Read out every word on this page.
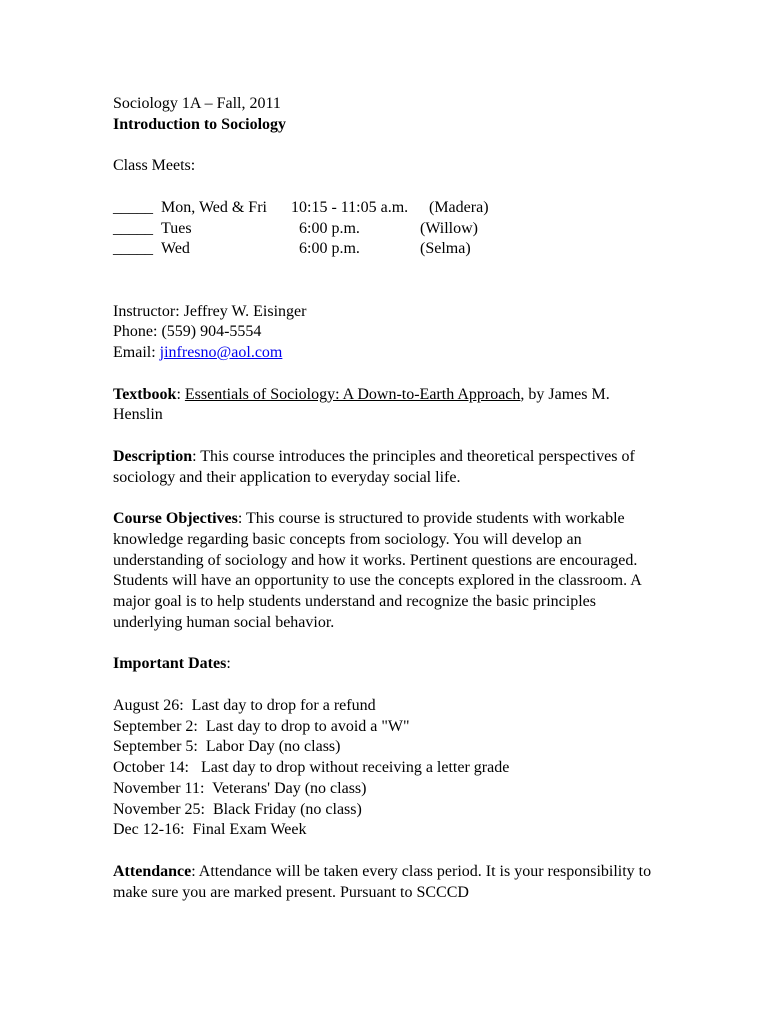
Sociology 1A – Fall, 2011
Introduction to Sociology
Class Meets:
_____ Mon, Wed & Fri	10:15 - 11:05 a.m.	(Madera)
_____ Tues	6:00 p.m.	(Willow)
_____ Wed	6:00 p.m.	(Selma)
Instructor: Jeffrey W. Eisinger
Phone: (559) 904-5554
Email: jinfresno@aol.com
Textbook: Essentials of Sociology: A Down-to-Earth Approach, by James M. Henslin
Description: This course introduces the principles and theoretical perspectives of sociology and their application to everyday social life.
Course Objectives: This course is structured to provide students with workable knowledge regarding basic concepts from sociology. You will develop an understanding of sociology and how it works. Pertinent questions are encouraged. Students will have an opportunity to use the concepts explored in the classroom. A major goal is to help students understand and recognize the basic principles underlying human social behavior.
Important Dates:
August 26:  Last day to drop for a refund
September 2:  Last day to drop to avoid a "W"
September 5:  Labor Day (no class)
October 14:   Last day to drop without receiving a letter grade
November 11:  Veterans' Day (no class)
November 25:  Black Friday (no class)
Dec 12-16:  Final Exam Week
Attendance: Attendance will be taken every class period. It is your responsibility to make sure you are marked present. Pursuant to SCCCD
